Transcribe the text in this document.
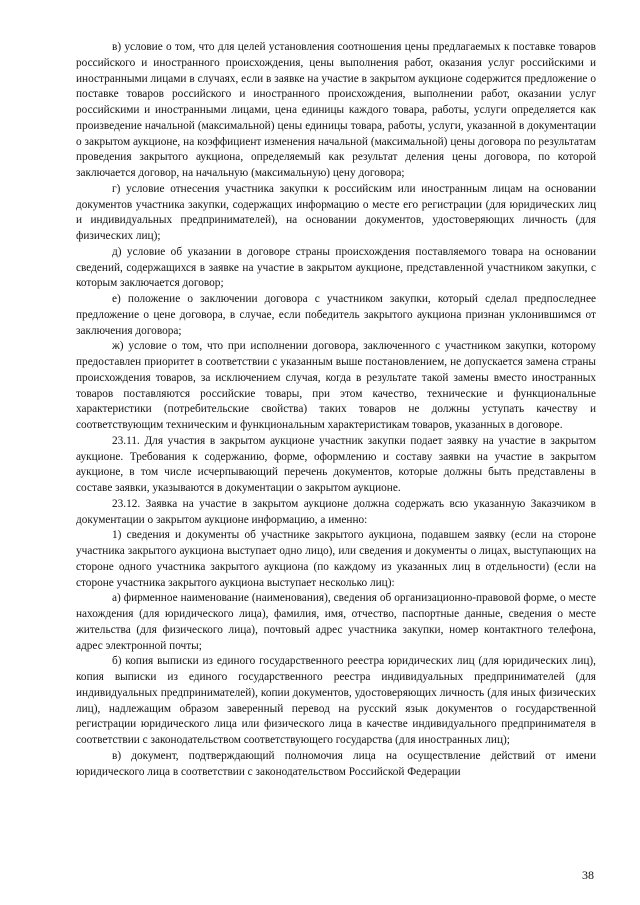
в) условие о том, что для целей установления соотношения цены предлагаемых к поставке товаров российского и иностранного происхождения, цены выполнения работ, оказания услуг российскими и иностранными лицами в случаях, если в заявке на участие в закрытом аукционе содержится предложение о поставке товаров российского и иностранного происхождения, выполнении работ, оказании услуг российскими и иностранными лицами, цена единицы каждого товара, работы, услуги определяется как произведение начальной (максимальной) цены единицы товара, работы, услуги, указанной в документации о закрытом аукционе, на коэффициент изменения начальной (максимальной) цены договора по результатам проведения закрытого аукциона, определяемый как результат деления цены договора, по которой заключается договор, на начальную (максимальную) цену договора;

г) условие отнесения участника закупки к российским или иностранным лицам на основании документов участника закупки, содержащих информацию о месте его регистрации (для юридических лиц и индивидуальных предпринимателей), на основании документов, удостоверяющих личность (для физических лиц);

д) условие об указании в договоре страны происхождения поставляемого товара на основании сведений, содержащихся в заявке на участие в закрытом аукционе, представленной участником закупки, с которым заключается договор;

е) положение о заключении договора с участником закупки, который сделал предпоследнее предложение о цене договора, в случае, если победитель закрытого аукциона признан уклонившимся от заключения договора;

ж) условие о том, что при исполнении договора, заключенного с участником закупки, которому предоставлен приоритет в соответствии с указанным выше постановлением, не допускается замена страны происхождения товаров, за исключением случая, когда в результате такой замены вместо иностранных товаров поставляются российские товары, при этом качество, технические и функциональные характеристики (потребительские свойства) таких товаров не должны уступать качеству и соответствующим техническим и функциональным характеристикам товаров, указанных в договоре.

23.11. Для участия в закрытом аукционе участник закупки подает заявку на участие в закрытом аукционе. Требования к содержанию, форме, оформлению и составу заявки на участие в закрытом аукционе, в том числе исчерпывающий перечень документов, которые должны быть представлены в составе заявки, указываются в документации о закрытом аукционе.

23.12. Заявка на участие в закрытом аукционе должна содержать всю указанную Заказчиком в документации о закрытом аукционе информацию, а именно:

1) сведения и документы об участнике закрытого аукциона, подавшем заявку (если на стороне участника закрытого аукциона выступает одно лицо), или сведения и документы о лицах, выступающих на стороне одного участника закрытого аукциона (по каждому из указанных лиц в отдельности) (если на стороне участника закрытого аукциона выступает несколько лиц):

а) фирменное наименование (наименования), сведения об организационно-правовой форме, о месте нахождения (для юридического лица), фамилия, имя, отчество, паспортные данные, сведения о месте жительства (для физического лица), почтовый адрес участника закупки, номер контактного телефона, адрес электронной почты;

б) копия выписки из единого государственного реестра юридических лиц (для юридических лиц), копия выписки из единого государственного реестра индивидуальных предпринимателей (для индивидуальных предпринимателей), копии документов, удостоверяющих личность (для иных физических лиц), надлежащим образом заверенный перевод на русский язык документов о государственной регистрации юридического лица или физического лица в качестве индивидуального предпринимателя в соответствии с законодательством соответствующего государства (для иностранных лиц);

в) документ, подтверждающий полномочия лица на осуществление действий от имени юридического лица в соответствии с законодательством Российской Федерации

38
